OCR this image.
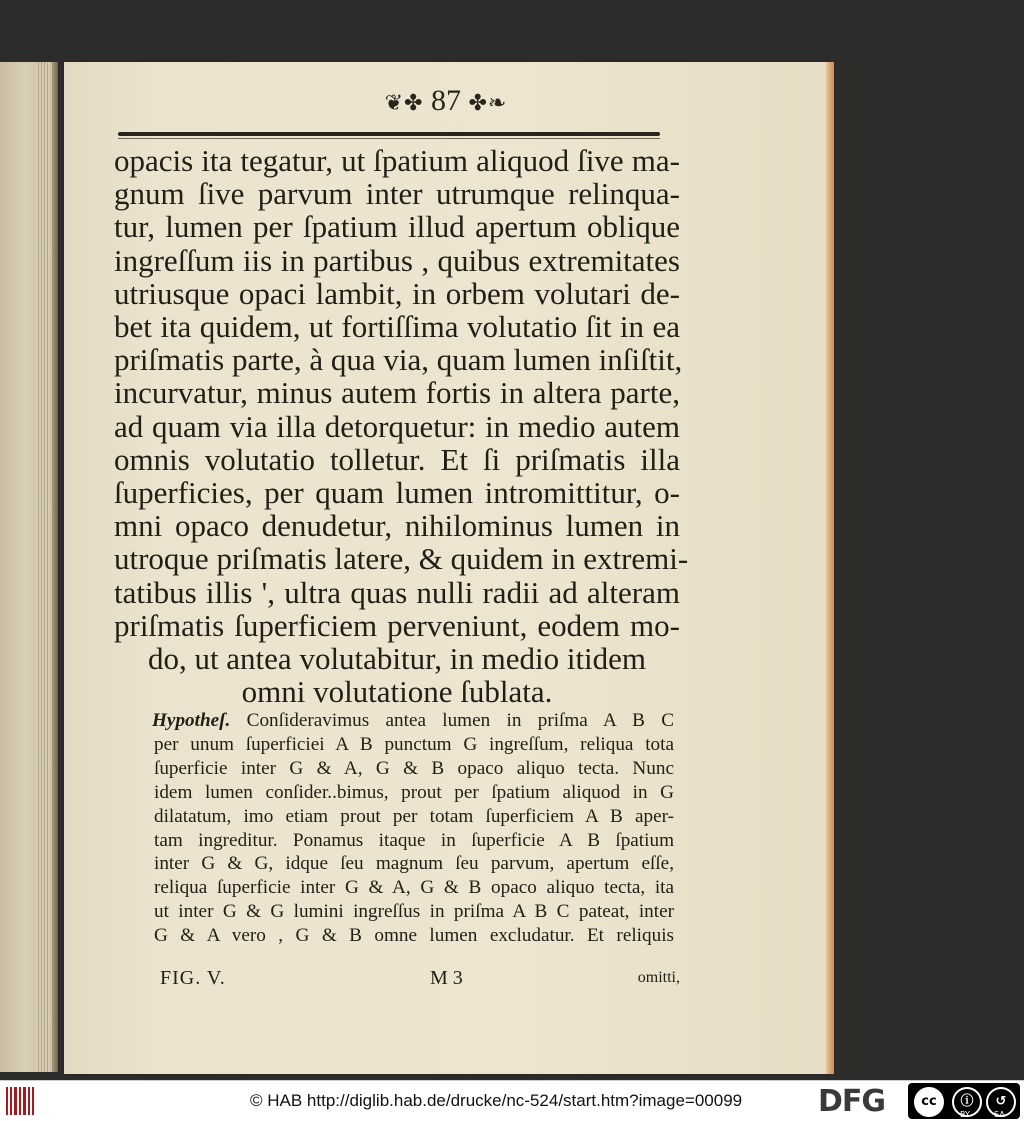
❦✤ 87 ✤❧
opacis ita tegatur, ut ſpatium aliquod ſive ma-
gnum ſive parvum inter utrumque relinqua-
tur, lumen per ſpatium illud apertum oblique
ingreſſum iis in partibus , quibus extremitates
utriusque opaci lambit, in orbem volutari de-
bet ita quidem, ut fortiſſima volutatio ſit in ea
priſmatis parte, à qua via, quam lumen inſiſtit,
incurvatur, minus autem fortis in altera parte,
ad quam via illa detorquetur: in medio autem
omnis volutatio tolletur. Et ſi priſmatis illa
ſuperficies, per quam lumen intromittitur, o-
mni opaco denudetur, nihilominus lumen in
utroque priſmatis latere, & quidem in extremi-
tatibus illis ', ultra quas nulli radii ad alteram
priſmatis ſuperficiem perveniunt, eodem mo-
do, ut antea volutabitur, in medio itidem
omni volutatione ſublata.
Hypotheſ. Conſideravimus antea lumen in priſma A B C
per unum ſuperficiei A B punctum G ingreſſum, reliqua tota
ſuperficie inter G & A, G & B opaco aliquo tecta. Nunc
idem lumen conſider..bimus, prout per ſpatium aliquod in G
dilatatum, imo etiam prout per totam ſuperficiem A B aper-
tam ingreditur. Ponamus itaque in ſuperficie A B ſpatium
inter G & G, idque ſeu magnum ſeu parvum, apertum eſſe,
reliqua ſuperficie inter G & A, G & B opaco aliquo tecta, ita
ut inter G & G lumini ingreſſus in priſma A B C pateat, inter
G & A vero , G & B omne lumen excludatur. Et reliquis
FIG. V.	M 3	omitti,
© HAB http://diglib.hab.de/drucke/nc-524/start.htm?image=00099	DFG	cc	ⓘ	↺
BY	SA
